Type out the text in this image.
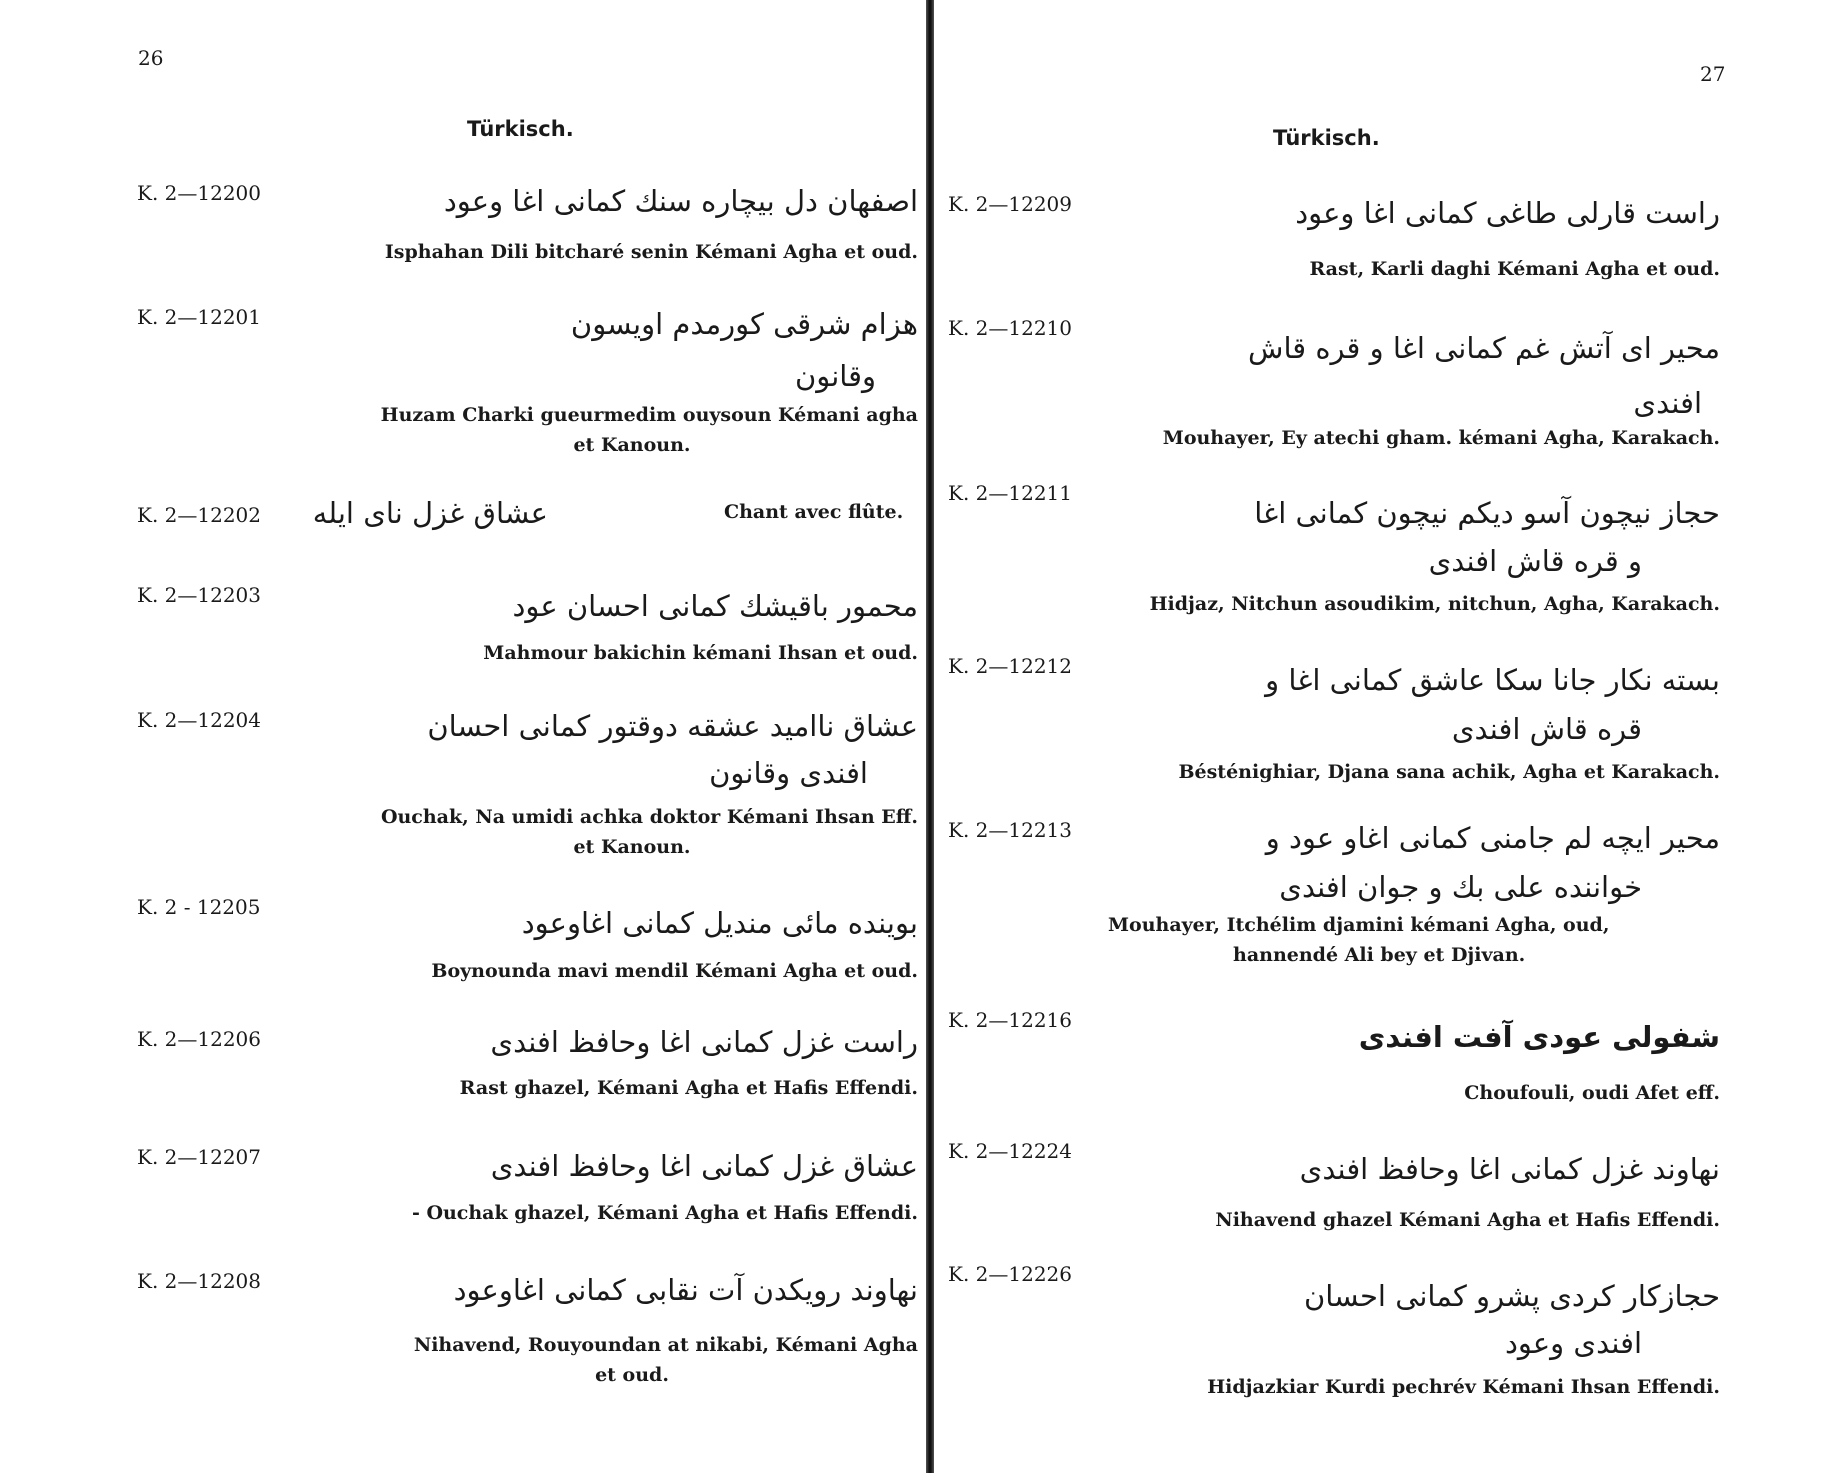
26
Türkisch.
K. 2—12200	اصفهان دل بیچاره سنك كمانی اغا وعود
Isphahan Dili bitcharé senin Kémani Agha et oud.
K. 2—12201	هزام شرقی كورمدم اویسون
وقانون
Huzam Charki gueurmedim ouysoun Kémani agha
et Kanoun.
K. 2—12202 عشاق غزل نای ایله	Chant avec flûte.
K. 2—12203	محمور باقیشك كمانی احسان عود
Mahmour bakichin kémani Ihsan et oud.
K. 2—12204	عشاق ناامید عشقه دوقتور كمانی احسان
افندی وقانون
Ouchak, Na umidi achka doktor Kémani Ihsan Eff.
et Kanoun.
K. 2 - 12205	بوینده مائی منديل كمانی اغاوعود
Boynounda mavi mendil Kémani Agha et oud.
K. 2—12206	راست غزل كمانی اغا وحافظ افندی
Rast ghazel, Kémani Agha et Hafis Effendi.
K. 2—12207	عشاق غزل كمانی اغا وحافظ افندی
- Ouchak ghazel, Kémani Agha et Hafis Effendi.
K. 2—12208	نهاوند رویكدن آت نقابی كمانی اغاوعود
Nihavend, Rouyoundan at nikabi, Kémani Agha
et oud.
27
Türkisch.
K. 2—12209	راست قارلی طاغی كمانی اغا وعود
Rast, Karli daghi Kémani Agha et oud.
K. 2—12210
محیر ای آتش غم كمانی اغا و قره قاش
افندی
Mouhayer, Ey atechi gham. kémani Agha, Karakach.
K. 2—12211
حجاز نیچون آسو دیكم نیچون كمانی اغا
و قره قاش افندی
Hidjaz, Nitchun asoudikim, nitchun, Agha, Karakach.
K. 2—12212	بسته نكار جانا سكا عاشق كمانی اغا و
قره قاش افندی
Bésténighiar, Djana sana achik, Agha et Karakach.
K. 2—12213	محیر ایچه لم جامنی كمانی اغاو عود و
خواننده علی بك و جوان افندی
Mouhayer, Itchélim djamini kémani Agha, oud,
hannendé Ali bey et Djivan.
K. 2—12216	شفولی عودی آفت افندی
Choufouli, oudi Afet eff.
K. 2—12224
نهاوند غزل كمانی اغا وحافظ افندی
Nihavend ghazel Kémani Agha et Hafis Effendi.
K. 2—12226
حجازكار كردی پشرو كمانی احسان
افندی وعود
Hidjazkiar Kurdi pechrév Kémani Ihsan Effendi.
